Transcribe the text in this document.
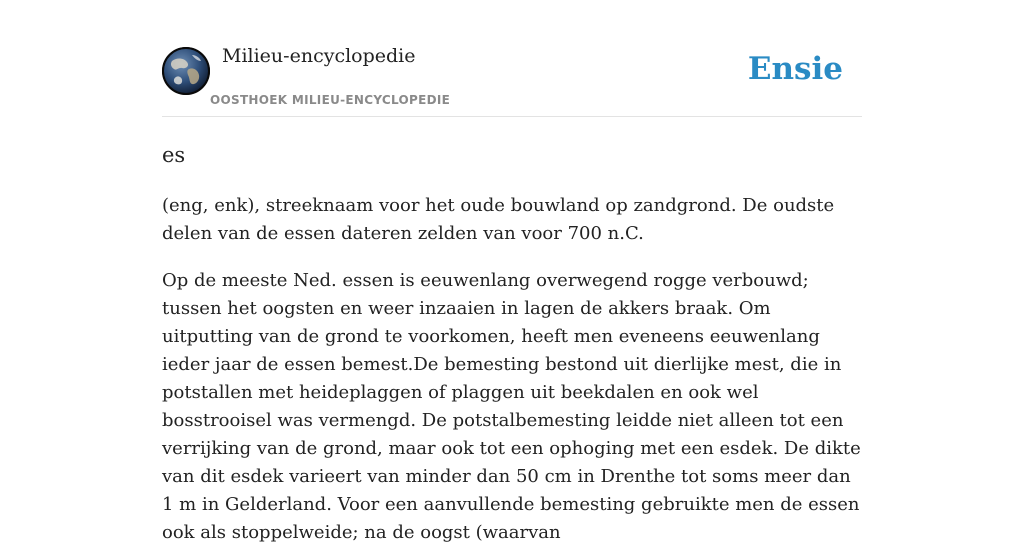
Milieu-encyclopedie
OOSTHOEK MILIEU-ENCYCLOPEDIE
Ensie
es

(eng, enk), streeknaam voor het oude bouwland op zandgrond. De oudste delen van de essen dateren zelden van voor 700 n.C.

Op de meeste Ned. essen is eeuwenlang overwegend rogge verbouwd; tussen het oogsten en weer inzaaien in lagen de akkers braak. Om uitputting van de grond te voorkomen, heeft men eveneens eeuwenlang ieder jaar de essen bemest.De bemesting bestond uit dierlijke mest, die in potstallen met heideplaggen of plaggen uit beekdalen en ook wel bosstrooisel was vermengd. De potstalbemesting leidde niet alleen tot een verrijking van de grond, maar ook tot een ophoging met een esdek. De dikte van dit esdek varieert van minder dan 50 cm in Drenthe tot soms meer dan 1 m in Gelderland. Voor een aanvullende bemesting gebruikte men de essen ook als stoppelweide; na de oogst (waarvan
